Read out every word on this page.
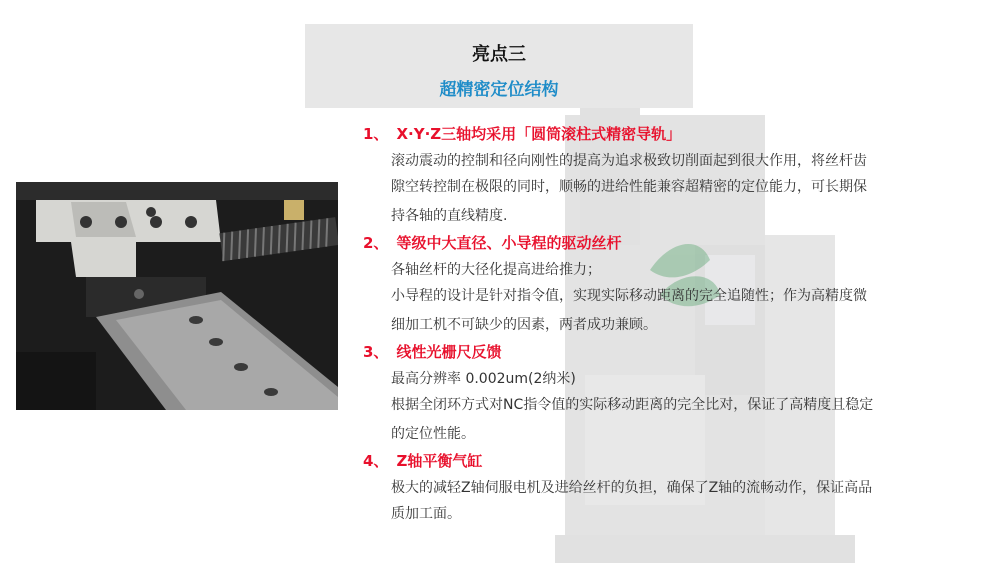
亮点三
超精密定位结构
1、 X·Y·Z三轴均采用「圆筒滚柱式精密导轨」
滚动震动的控制和径向刚性的提高为追求极致切削面起到很大作用，将丝杆齿
隙空转控制在极限的同时，顺畅的进给性能兼容超精密的定位能力，可长期保
持各轴的直线精度.
2、 等级中大直径、小导程的驱动丝杆
各轴丝杆的大径化提高进给推力；
小导程的设计是针对指令值，实现实际移动距离的完全追随性；作为高精度微
细加工机不可缺少的因素，两者成功兼顾。
3、 线性光栅尺反馈
最高分辨率 0.002um(2纳米)
根据全闭环方式对NC指令值的实际移动距离的完全比对，保证了高精度且稳定
的定位性能。
4、 Z轴平衡气缸
极大的减轻Z轴伺服电机及进给丝杆的负担，确保了Z轴的流畅动作，保证高品
质加工面。
